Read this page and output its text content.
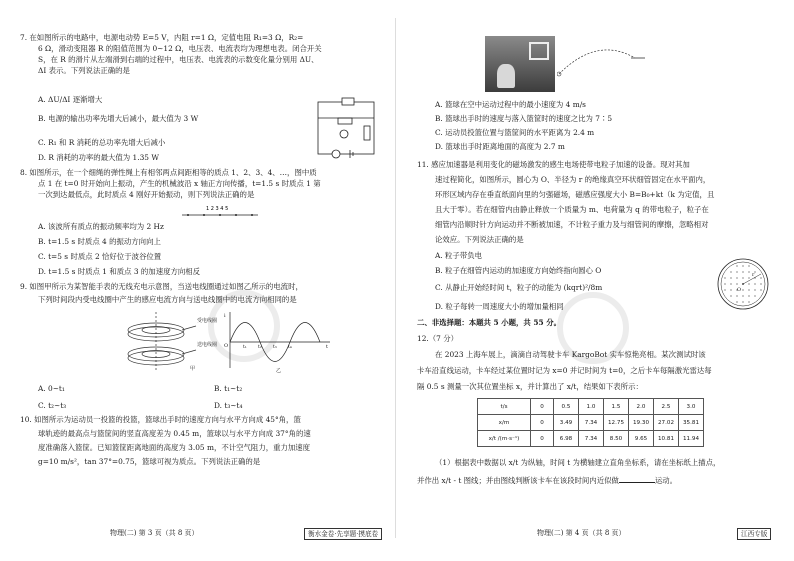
7. 在如图所示的电路中，电源电动势 E=5 V，内阻 r=1 Ω，定值电阻 R₁=3 Ω，R₂=
6 Ω，滑动变阻器 R 的阻值范围为 0~12 Ω，电压表、电流表均为理想电表。闭合开关
S，在 R 的滑片从左端滑到右端的过程中，电压表、电流表的示数变化量分别用 ΔU、
ΔI 表示。下列说法正确的是
A. ΔU/ΔI 逐渐增大
B. 电源的输出功率先增大后减小，最大值为 3 W
C. R₁ 和 R 消耗的总功率先增大后减小
D. R 消耗的功率的最大值为 1.35 W
8. 如图所示，在一个细绳的弹性绳上有相邻两点间距相等的质点 1、2、3、4、…，图中质
点 1 在 t=0 时开始向上振动，产生的机械波沿 x 轴正方向传播，t=1.5 s 时质点 1 第
一次到达最低点，此时质点 4 刚好开始振动，则下列说法正确的是
1 2 3 4 5
A. 该波所有质点的振动频率均为 2 Hz
B. t=1.5 s 时质点 4 的振动方向向上
C. t=5 s 时质点 2 恰好位于波谷位置
D. t=1.5 s 时质点 1 和质点 3 的加速度方向相反
9. 如图甲所示为某智能手表的无线充电示意图，当送电线圈通过如图乙所示的电流时，
下列时间段内受电线圈中产生的感应电流方向与送电线圈中的电流方向相同的是
甲
受电线圈
送电线圈
i
O	t
t₁ t₂ t₃ t₄
乙
A. 0~t₁	B. t₁~t₂
C. t₂~t₃	D. t₃~t₄
10. 如图所示为运动员一投篮的投篮，篮球出手时的速度方向与水平方向成 45°角，篮
球轨迹的最高点与篮筐间的竖直高度差为 0.45 m，篮球以与水平方向成 37°角的速
度准确落入篮筐。已知篮筐距离地面的高度为 3.05 m，不计空气阻力，重力加速度
g=10 m/s²，tan 37°=0.75，篮球可视为质点。下列说法正确的是
物理(二) 第 3 页（共 8 页）	衡水金卷·先享题·摸底卷
A. 篮球在空中运动过程中的最小速度为 4 m/s
B. 篮球出手时的速度与落入篮筐时的速度之比为 7∶5
C. 运动员投篮位置与篮筐间的水平距离为 2.4 m
D. 篮球出手时距离地面的高度为 2.7 m
11. 感应加速器是利用变化的磁场激发的感生电场使带电粒子加速的设备。现对其加
速过程简化，如图所示，圆心为 O、半径为 r 的绝缘真空环状细管固定在水平面内，
环形区域内存在垂直纸面向里的匀强磁场，磁感应强度大小 B=B₀+kt（k 为定值，且
且大于零）。若在细管内由静止释放一个质量为 m、电荷量为 q 的带电粒子，粒子在
细管内沿顺时针方向运动并不断被加速，不计粒子重力及与细管间的摩擦，忽略相对
论效应。下列说法正确的是
A. 粒子带负电
B. 粒子在细管内运动的加速度方向始终指向圆心 O
C. 从静止开始经时间 t，粒子的动能为 (kqrt)²/8m
D. 粒子每转一周速度大小的增加量相同
O
r
二、非选择题：本题共 5 小题，共 55 分。
12.（7 分）
在 2023 上海车展上，滴滴自动驾驶卡车 KargoBot 实车惊艳亮相。某次测试时该
卡车沿直线运动，卡车经过某位置时记为 x=0 并记时间为 t=0，之后卡车每隔激光雷达每
隔 0.5 s 测量一次其位置坐标 x，并计算出了 x/t，结果如下表所示：
t/s	0	0.5	1.0	1.5	2.0	2.5	3.0
x/m	0	3.49	7.34	12.75	19.30	27.02	35.81
x/t /(m·s⁻¹)	0	6.98	7.34	8.50	9.65	10.81	11.94
（1）根据表中数据以 x/t 为纵轴，时间 t 为横轴建立直角坐标系，请在坐标纸上描点，
并作出 x/t - t 图线；并由图线判断该卡车在该段时间内近似做	运动。
物理(二) 第 4 页（共 8 页）	江西专版
